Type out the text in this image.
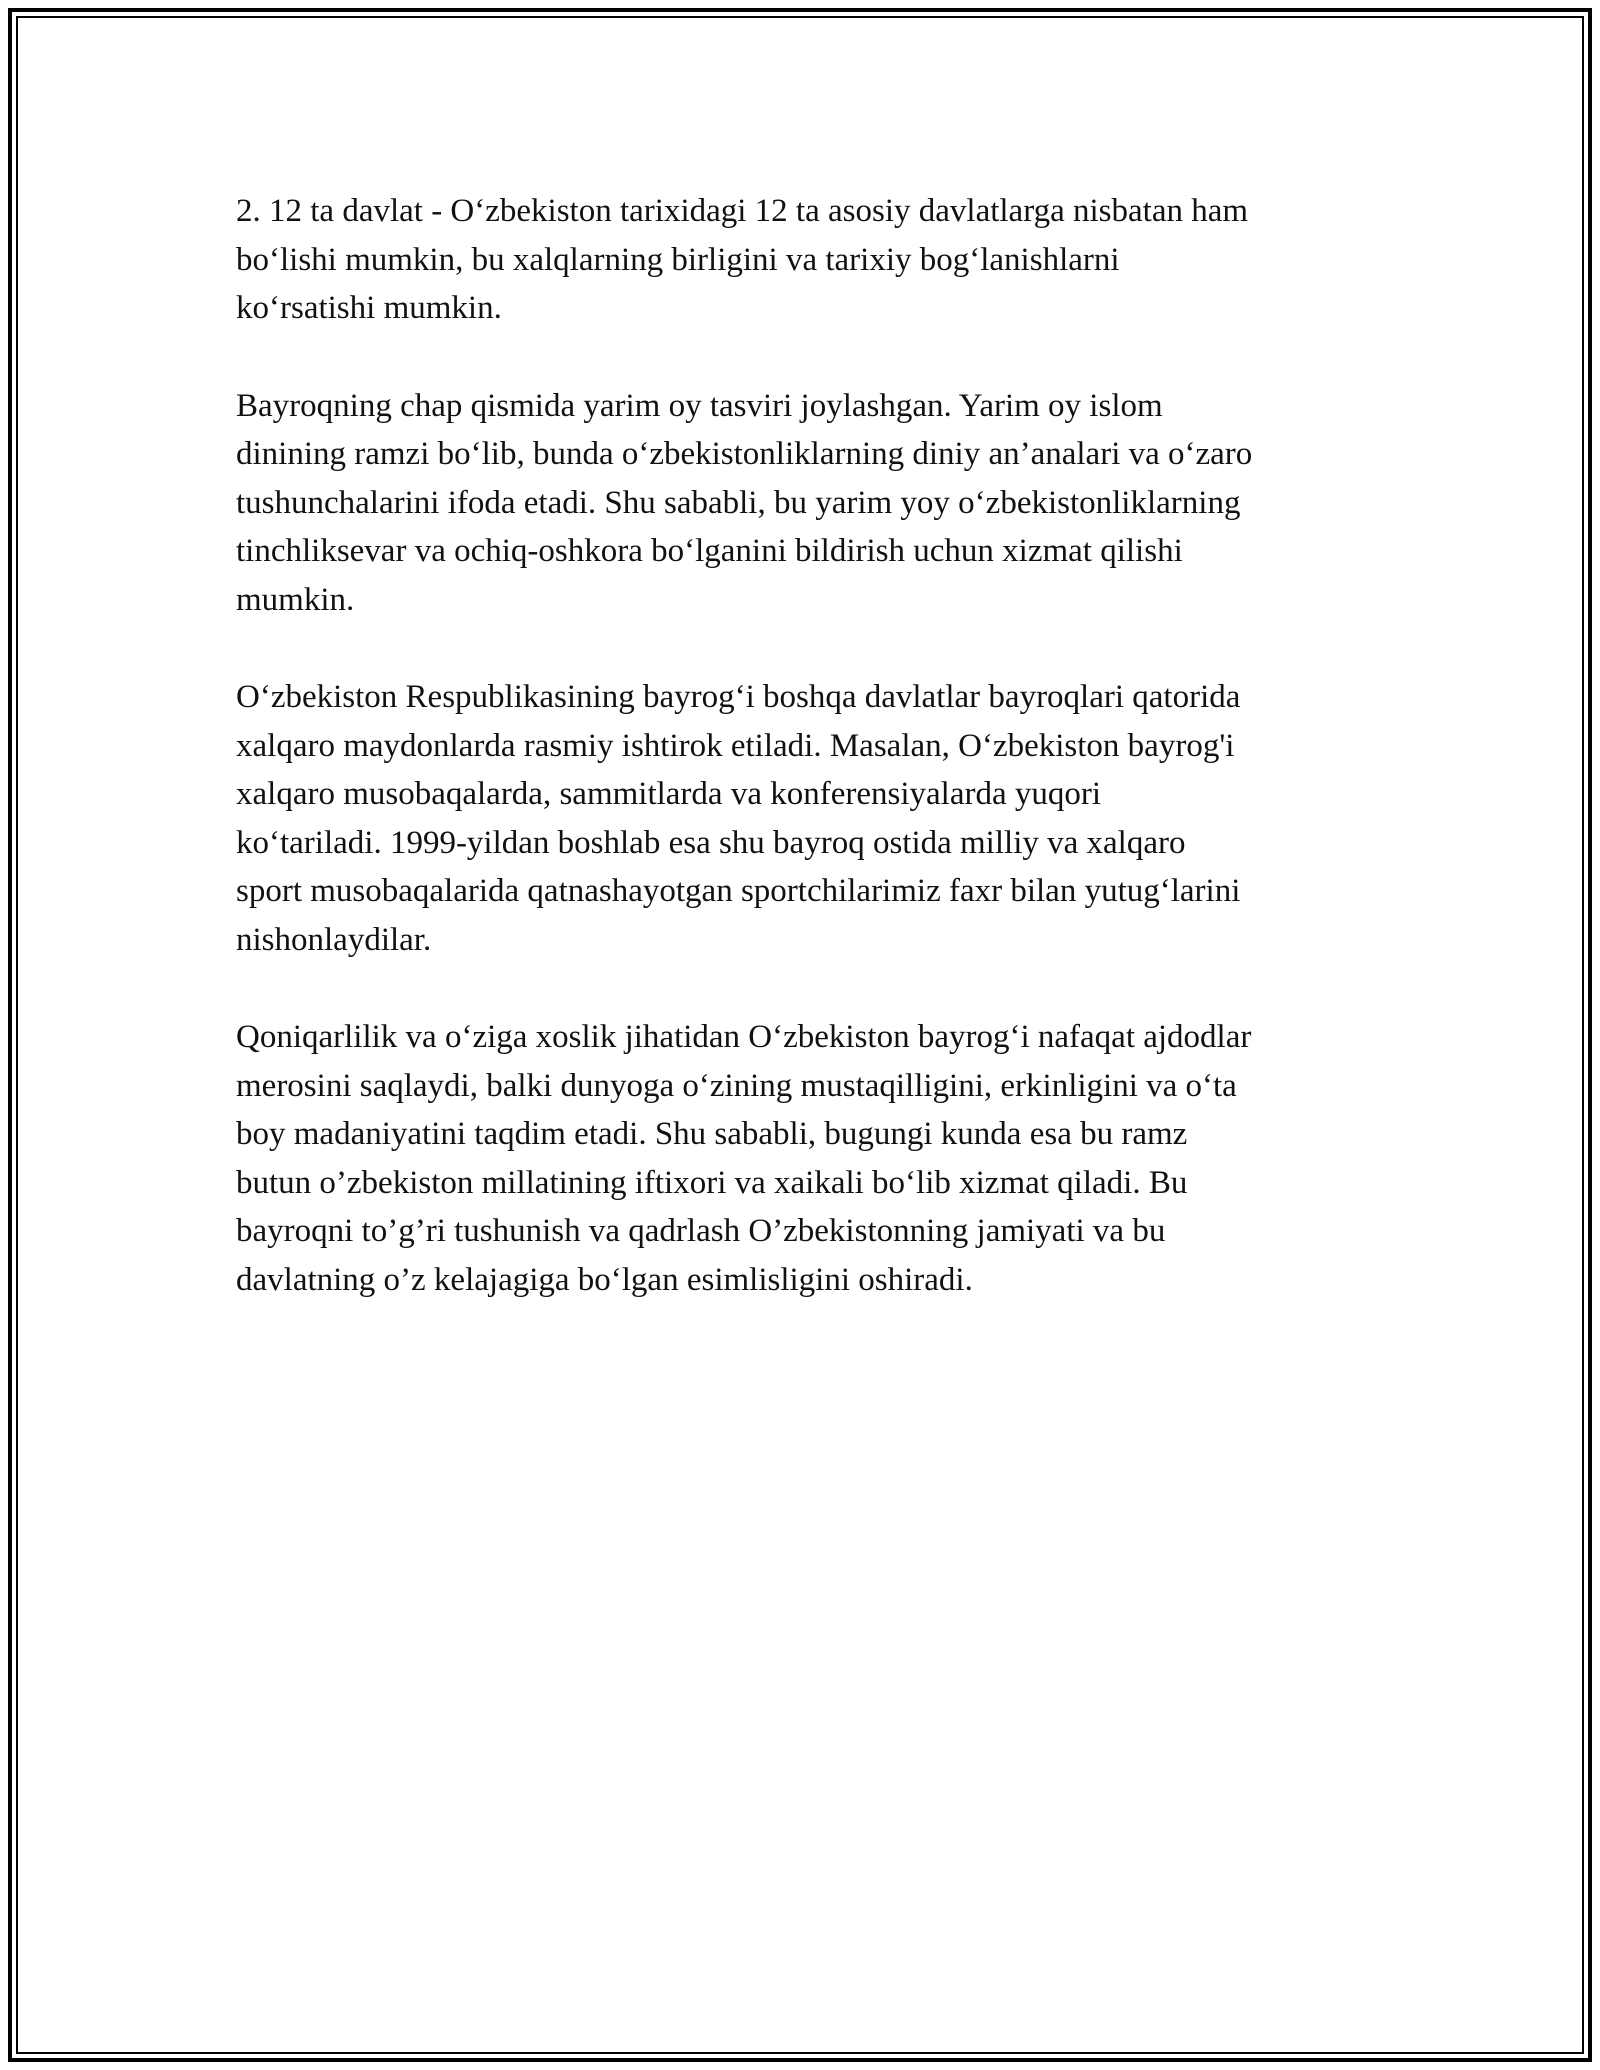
2. 12 ta davlat - O‘zbekiston tarixidagi 12 ta asosiy davlatlarga nisbatan ham
bo‘lishi mumkin, bu xalqlarning birligini va tarixiy bog‘lanishlarni
ko‘rsatishi mumkin.

Bayroqning chap qismida yarim oy tasviri joylashgan. Yarim oy islom
dinining ramzi bo‘lib, bunda o‘zbekistonliklarning diniy an’analari va o‘zaro
tushunchalarini ifoda etadi. Shu sababli, bu yarim yoy o‘zbekistonliklarning
tinchliksevar va ochiq-oshkora bo‘lganini bildirish uchun xizmat qilishi
mumkin.

O‘zbekiston Respublikasining bayrog‘i boshqa davlatlar bayroqlari qatorida
xalqaro maydonlarda rasmiy ishtirok etiladi. Masalan, O‘zbekiston bayrog'i
xalqaro musobaqalarda, sammitlarda va konferensiyalarda yuqori
ko‘tariladi. 1999-yildan boshlab esa shu bayroq ostida milliy va xalqaro
sport musobaqalarida qatnashayotgan sportchilarimiz faxr bilan yutug‘larini
nishonlaydilar.

Qoniqarlilik va o‘ziga xoslik jihatidan O‘zbekiston bayrog‘i nafaqat ajdodlar
merosini saqlaydi, balki dunyoga o‘zining mustaqilligini, erkinligini va o‘ta
boy madaniyatini taqdim etadi. Shu sababli, bugungi kunda esa bu ramz
butun o’zbekiston millatining iftixori va xaikali bo‘lib xizmat qiladi. Bu
bayroqni to’g’ri tushunish va qadrlash O’zbekistonning jamiyati va bu
davlatning o’z kelajagiga bo‘lgan esimlisligini oshiradi.
